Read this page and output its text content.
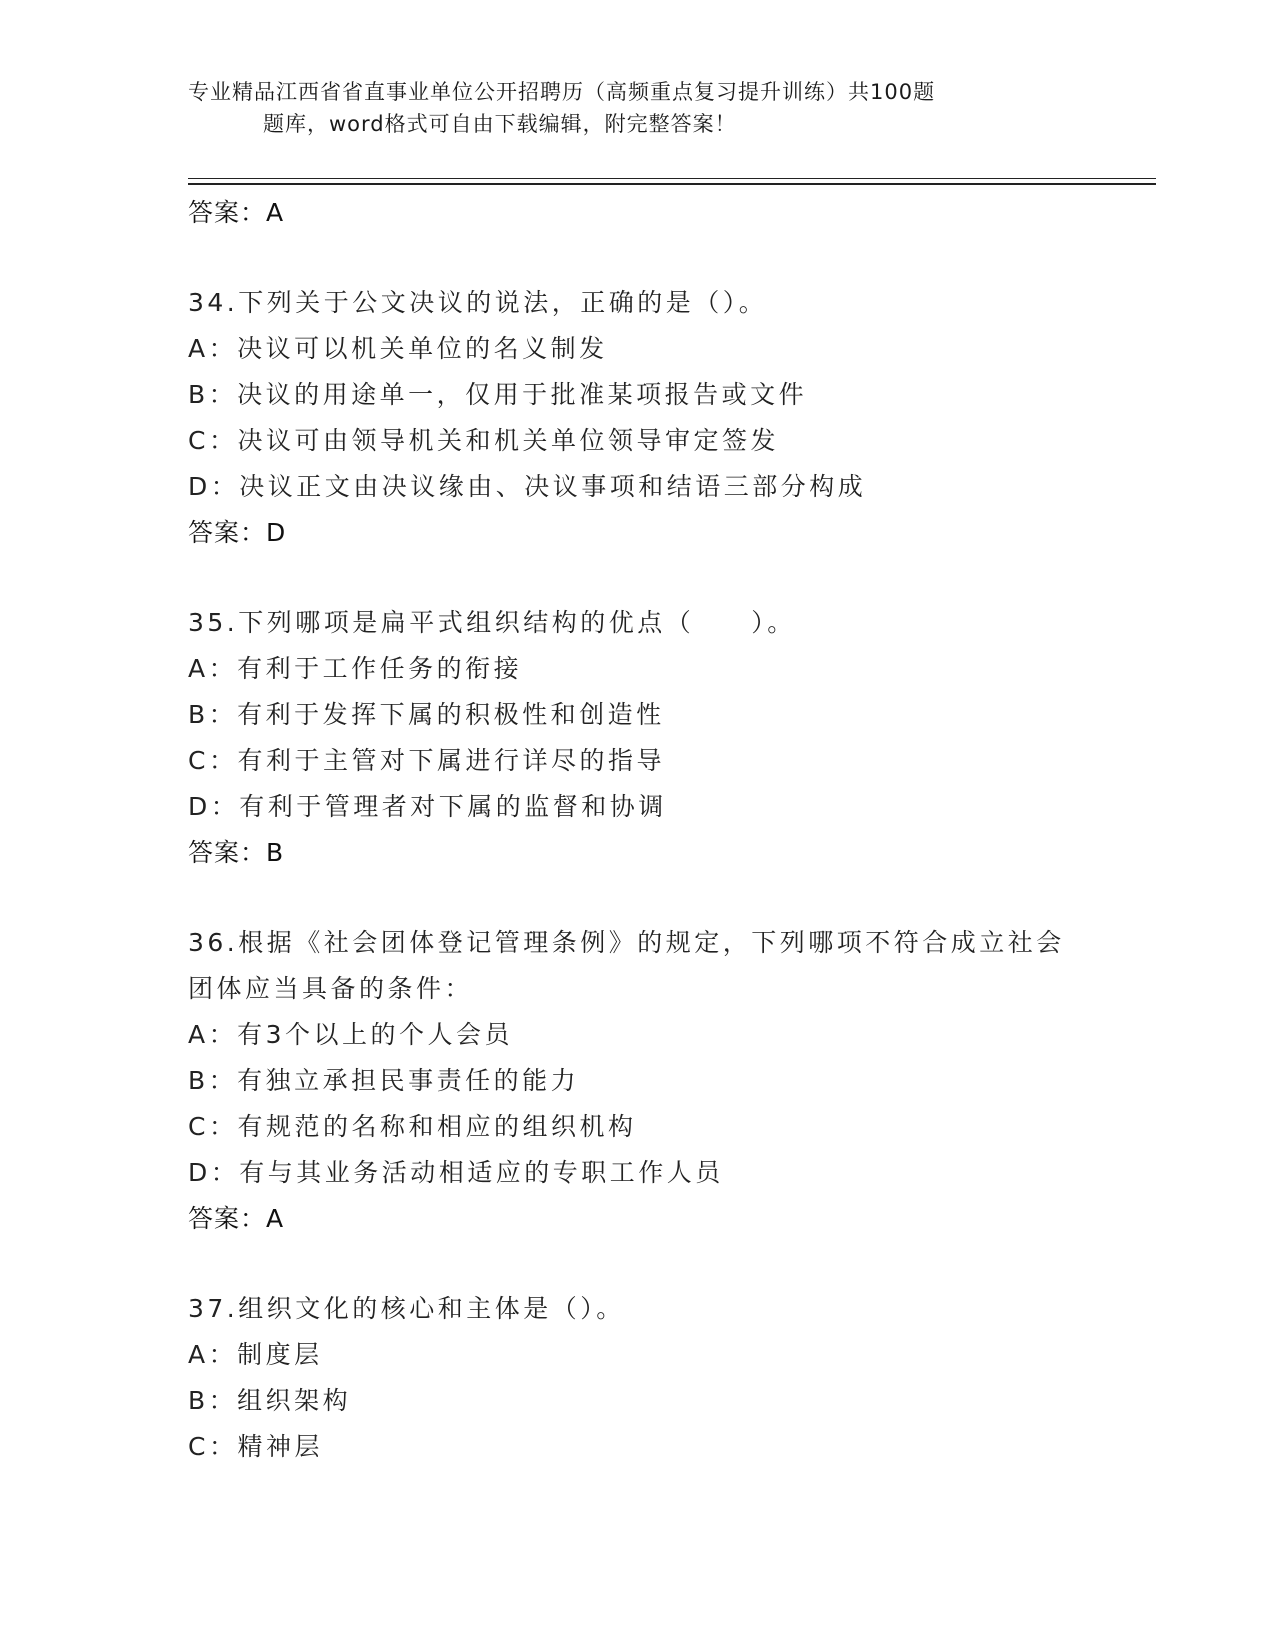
专业精品江西省省直事业单位公开招聘历（高频重点复习提升训练）共100题
题库，word格式可自由下载编辑，附完整答案！
答案：A
34.下列关于公文决议的说法，正确的是（）。
A：决议可以机关单位的名义制发
B：决议的用途单一，仅用于批准某项报告或文件
C：决议可由领导机关和机关单位领导审定签发
D：决议正文由决议缘由、决议事项和结语三部分构成
答案：D
35.下列哪项是扁平式组织结构的优点（　　）。
A：有利于工作任务的衔接
B：有利于发挥下属的积极性和创造性
C：有利于主管对下属进行详尽的指导
D：有利于管理者对下属的监督和协调
答案：B
36.根据《社会团体登记管理条例》的规定，下列哪项不符合成立社会团体应当具备的条件：
A：有3个以上的个人会员
B：有独立承担民事责任的能力
C：有规范的名称和相应的组织机构
D：有与其业务活动相适应的专职工作人员
答案：A
37.组织文化的核心和主体是（）。
A：制度层
B：组织架构
C：精神层
